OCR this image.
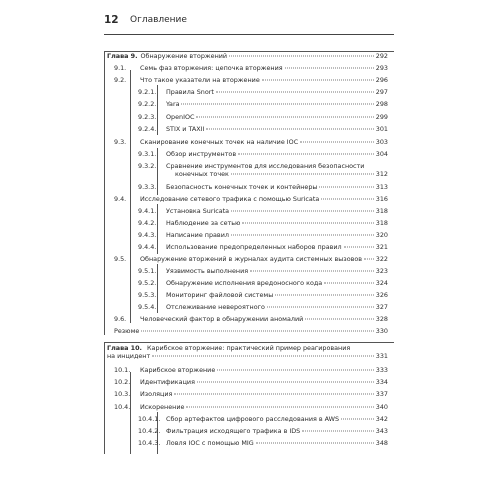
12 Оглавление
Глава 9. Обнаружение вторжений	292
9.1. Семь фаз вторжения: цепочка вторжения	293
9.2. Что такое указатели на вторжение	296
9.2.1. Правила Snort	297
9.2.2. Yara	298
9.2.3. OpenIOC	299
9.2.4. STIX и TAXII	301
9.3. Сканирование конечных точек на наличие IOC	303
9.3.1. Обзор инструментов	304
9.3.2. Сравнение инструментов для исследования безопасности
конечных точек	312
9.3.3. Безопасность конечных точек и контейнеры	313
9.4. Исследование сетевого трафика с помощью Suricata	316
9.4.1. Установка Suricata	318
9.4.2. Наблюдение за сетью	318
9.4.3. Написание правил	320
9.4.4. Использование предопределенных наборов правил	321
9.5. Обнаружение вторжений в журналах аудита системных вызовов 322
9.5.1. Уязвимость выполнения	323
9.5.2. Обнаружение исполнения вредоносного кода	324
9.5.3. Мониторинг файловой системы	326
9.5.4. Отслеживание невероятного	327
9.6. Человеческий фактор в обнаружении аномалий	328
Резюме	330
Глава 10. Карибское вторжение: практический пример реагирования
на инцидент	331
10.1. Карибское вторжение	333
10.2. Идентификация	334
10.3. Изоляция	337
10.4. Искоренение	340
10.4.1. Сбор артефактов цифрового расследования в AWS	342
10.4.2. Фильтрация исходящего трафика в IDS	343
10.4.3. Ловля IOC с помощью MIG	348
